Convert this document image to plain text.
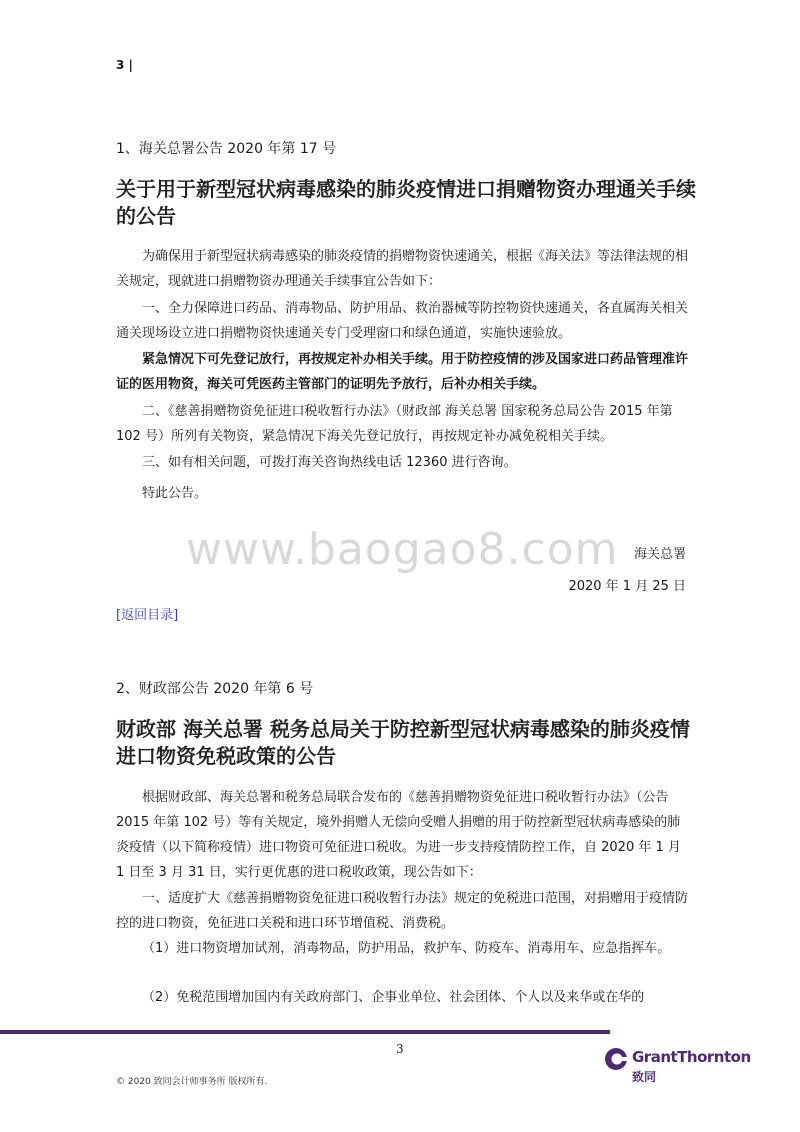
3 |
www.baogao8.com
1、海关总署公告 2020 年第 17 号
关于用于新型冠状病毒感染的肺炎疫情进口捐赠物资办理通关手续的公告

为确保用于新型冠状病毒感染的肺炎疫情的捐赠物资快速通关，根据《海关法》等法律法规的相关规定，现就进口捐赠物资办理通关手续事宜公告如下：

一、全力保障进口药品、消毒物品、防护用品、救治器械等防控物资快速通关，各直属海关相关通关现场设立进口捐赠物资快速通关专门受理窗口和绿色通道，实施快速验放。

紧急情况下可先登记放行，再按规定补办相关手续。用于防控疫情的涉及国家进口药品管理准许证的医用物资，海关可凭医药主管部门的证明先予放行，后补办相关手续。

二、《慈善捐赠物资免征进口税收暂行办法》（财政部 海关总署 国家税务总局公告 2015 年第 102 号）所列有关物资，紧急情况下海关先登记放行，再按规定补办减免税相关手续。

三、如有相关问题，可拨打海关咨询热线电话 12360 进行咨询。

特此公告。

海关总署
2020 年 1 月 25 日
[返回目录]
2、财政部公告 2020 年第 6 号
财政部 海关总署 税务总局关于防控新型冠状病毒感染的肺炎疫情进口物资免税政策的公告

根据财政部、海关总署和税务总局联合发布的《慈善捐赠物资免征进口税收暂行办法》（公告 2015 年第 102 号）等有关规定，境外捐赠人无偿向受赠人捐赠的用于防控新型冠状病毒感染的肺炎疫情（以下简称疫情）进口物资可免征进口税收。为进一步支持疫情防控工作，自 2020 年 1 月 1 日至 3 月 31 日，实行更优惠的进口税收政策，现公告如下：

一、适度扩大《慈善捐赠物资免征进口税收暂行办法》规定的免税进口范围，对捐赠用于疫情防控的进口物资，免征进口关税和进口环节增值税、消费税。

（1）进口物资增加试剂，消毒物品，防护用品，救护车、防疫车、消毒用车、应急指挥车。

（2）免税范围增加国内有关政府部门、企事业单位、社会团体、个人以及来华或在华的

3
© 2020 致同会计师事务所 版权所有.
GrantThornton
致同
